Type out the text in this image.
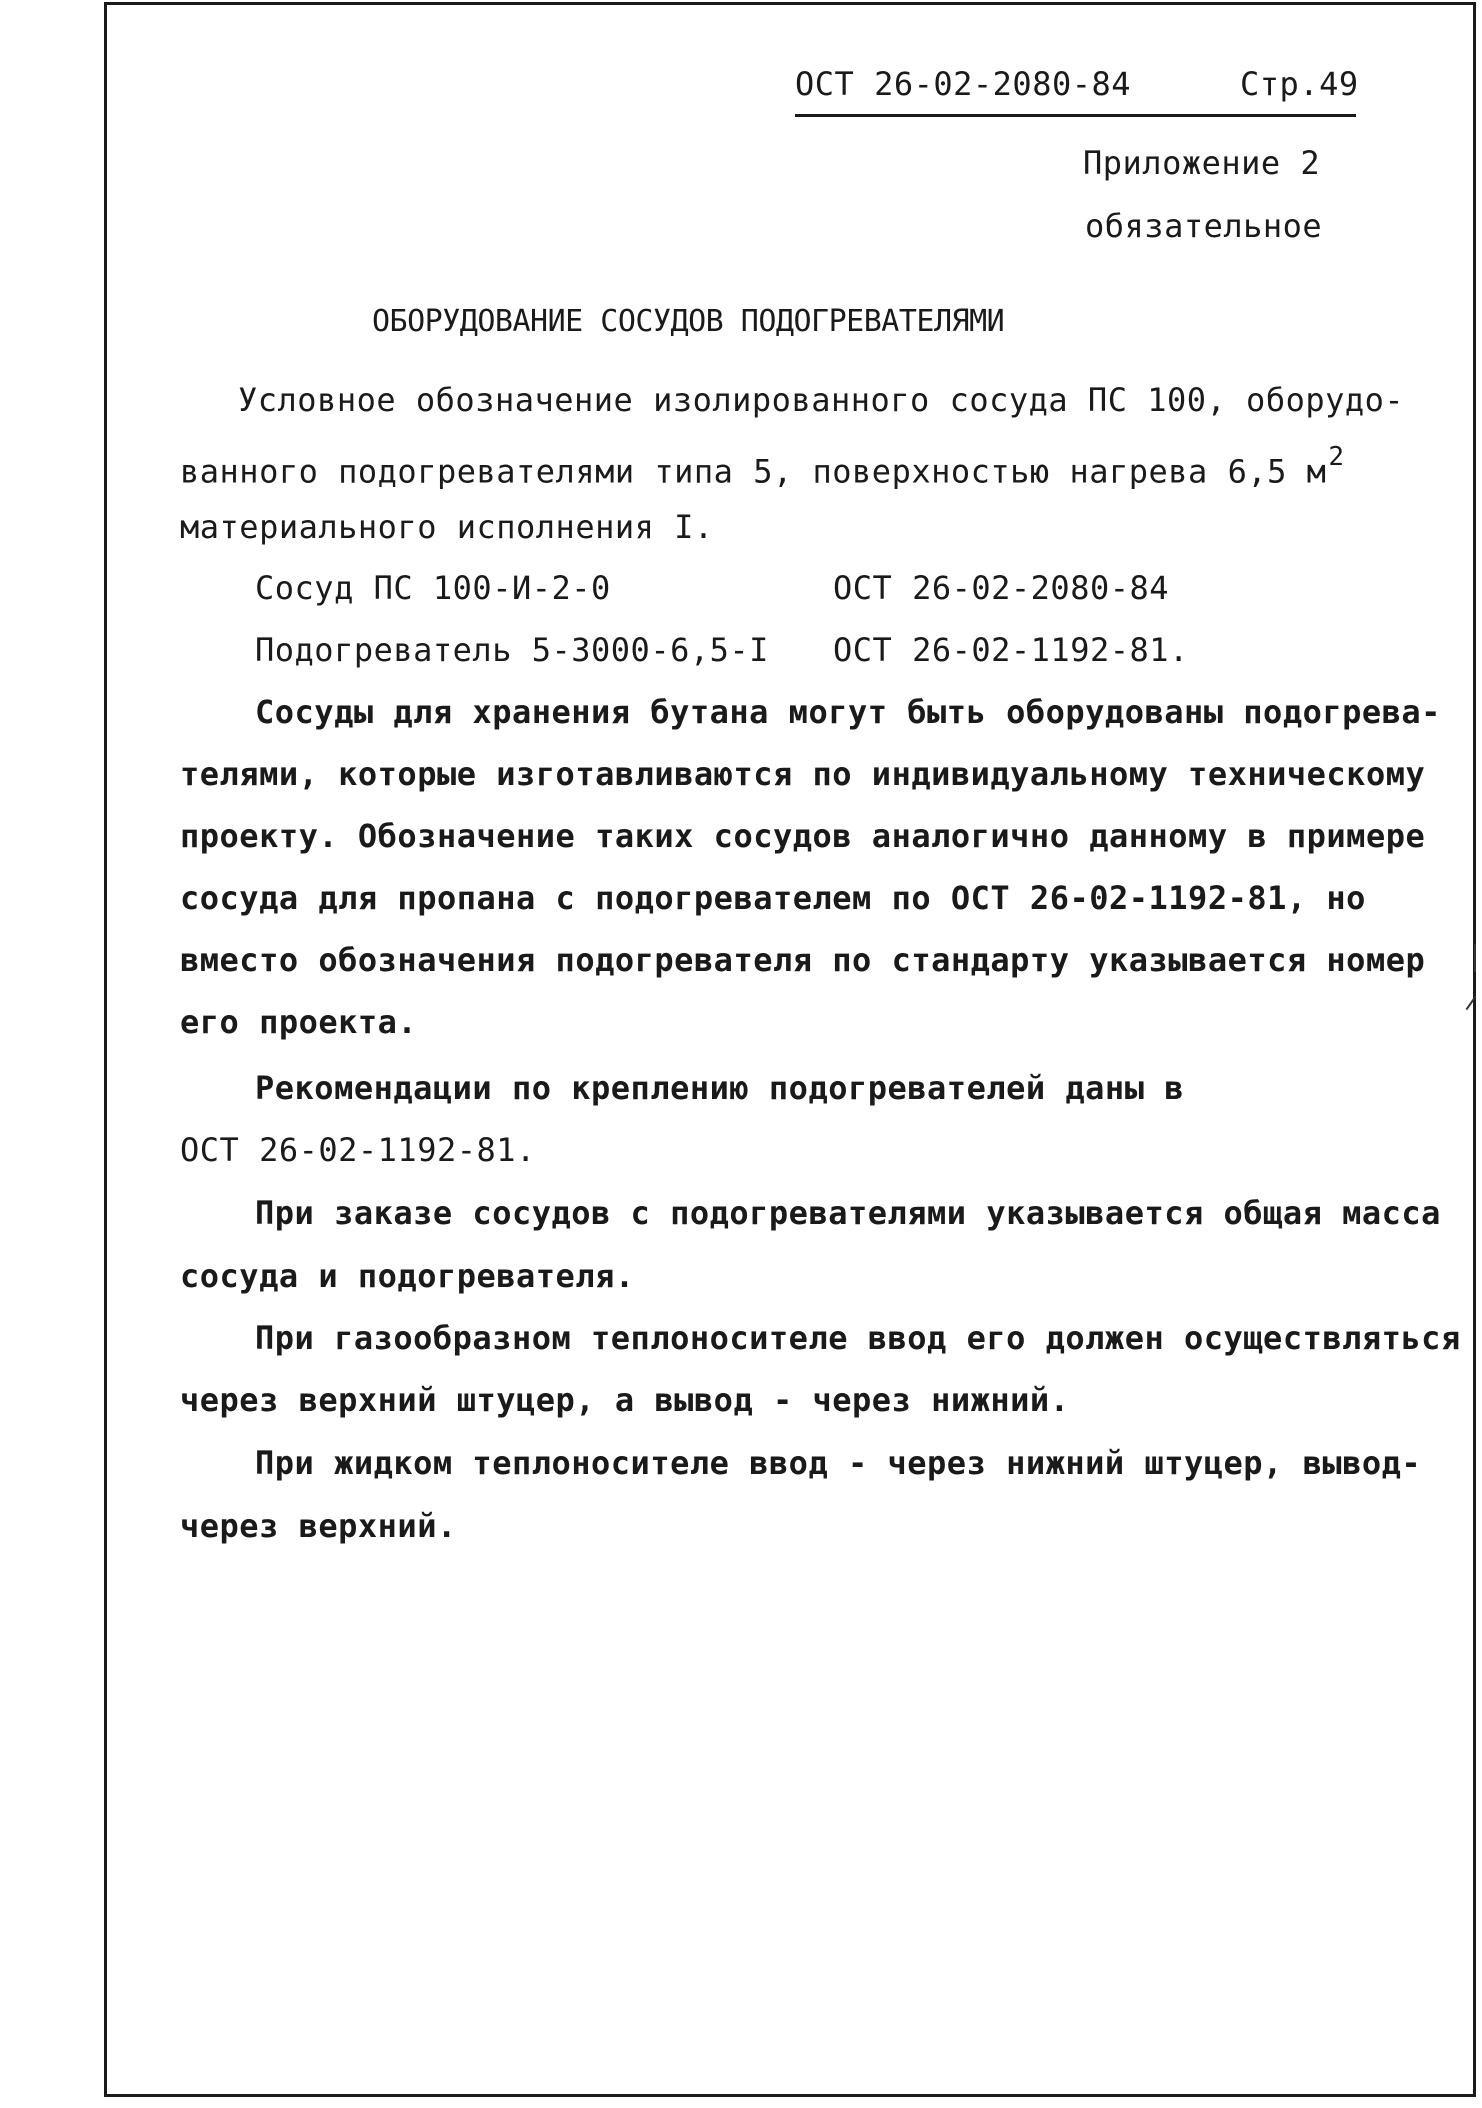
ОСТ 26-02-2080-84	Стр.49
Приложение 2
обязательное
ОБОРУДОВАНИЕ СОСУДОВ ПОДОГРЕВАТЕЛЯМИ
Условное обозначение изолированного сосуда ПС 100, оборудо-
ванного подогревателями типа 5, поверхностью нагрева 6,5 $м^2$
материального исполнения I.
Сосуд ПС 100-И-2-0	ОСТ 26-02-2080-84
Подогреватель 5-3000-6,5-I ОСТ 26-02-1192-81.
Сосуды для хранения бутана могут быть оборудованы подогрева-
телями, которые изготавливаются по индивидуальному техническому
проекту. Обозначение таких сосудов аналогично данному в примере
сосуда для пропана с подогревателем по ОСТ 26-02-1192-81, но
вместо обозначения подогревателя по стандарту указывается номер
его проекта.
Рекомендации по креплению подогревателей даны в
ОСТ 26-02-1192-81.
При заказе сосудов с подогревателями указывается общая масса
сосуда и подогревателя.
При газообразном теплоносителе ввод его должен осуществляться
через верхний штуцер, а вывод - через нижний.
При жидком теплоносителе ввод - через нижний штуцер, вывод-
через верхний.
